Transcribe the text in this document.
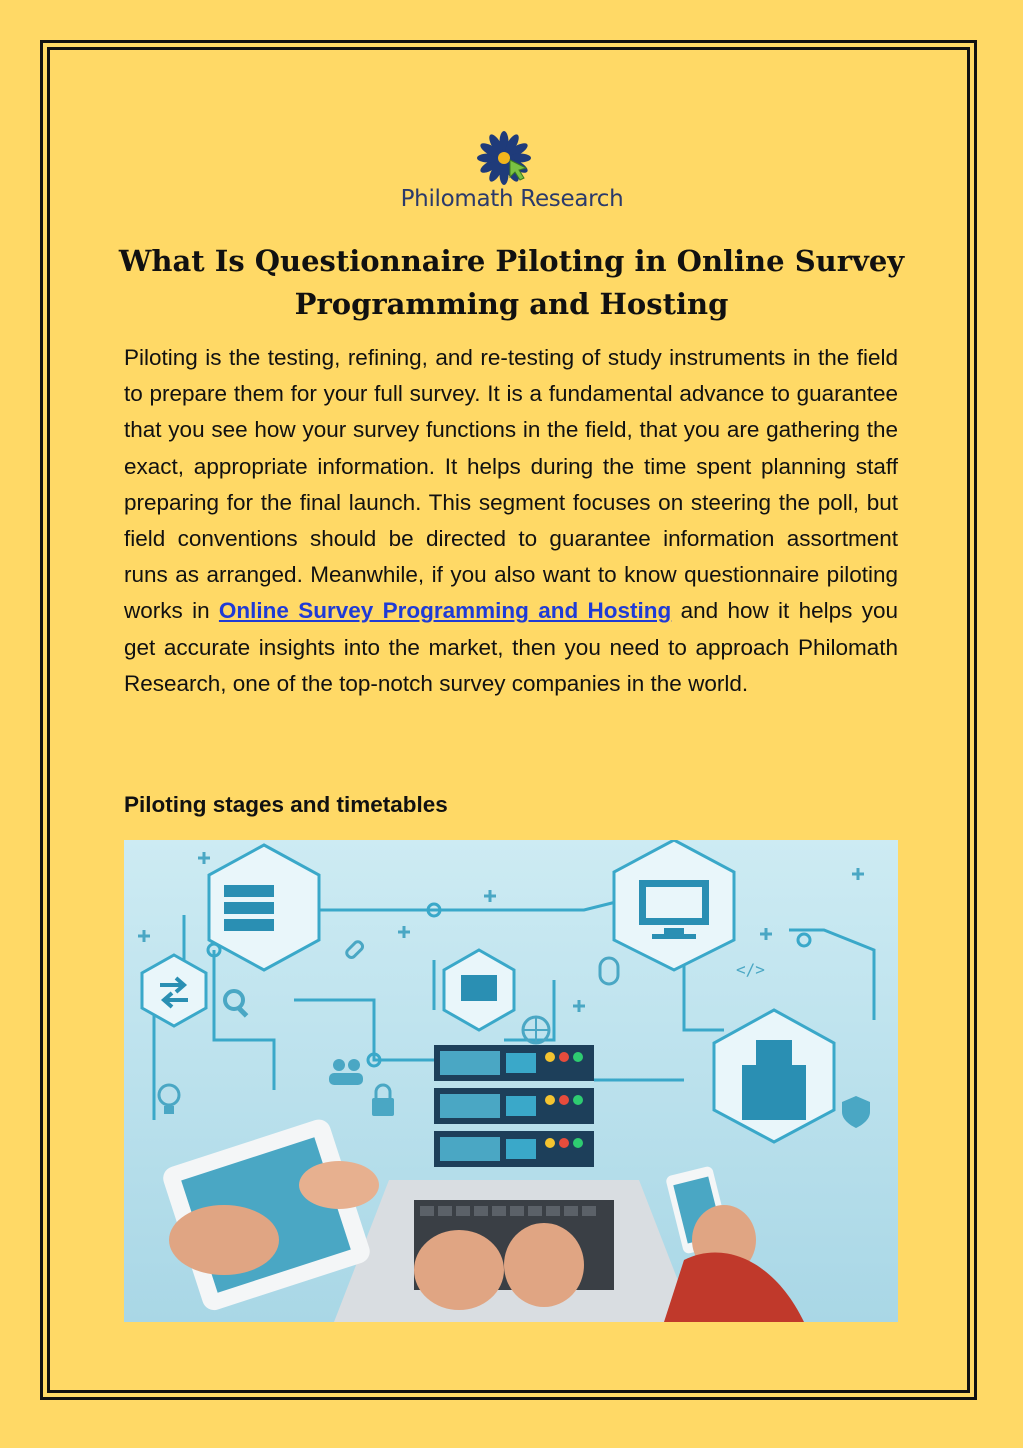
Philomath Research
What Is Questionnaire Piloting in Online Survey Programming and Hosting

Piloting is the testing, refining, and re-testing of study instruments in the field to prepare them for your full survey. It is a fundamental advance to guarantee that you see how your survey functions in the field, that you are gathering the exact, appropriate information. It helps during the time spent planning staff preparing for the final launch. This segment focuses on steering the poll, but field conventions should be directed to guarantee information assortment runs as arranged. Meanwhile, if you also want to know questionnaire piloting works in Online Survey Programming and Hosting and how it helps you get accurate insights into the market, then you need to approach Philomath Research, one of the top-notch survey companies in the world.

Piloting stages and timetables
</>
